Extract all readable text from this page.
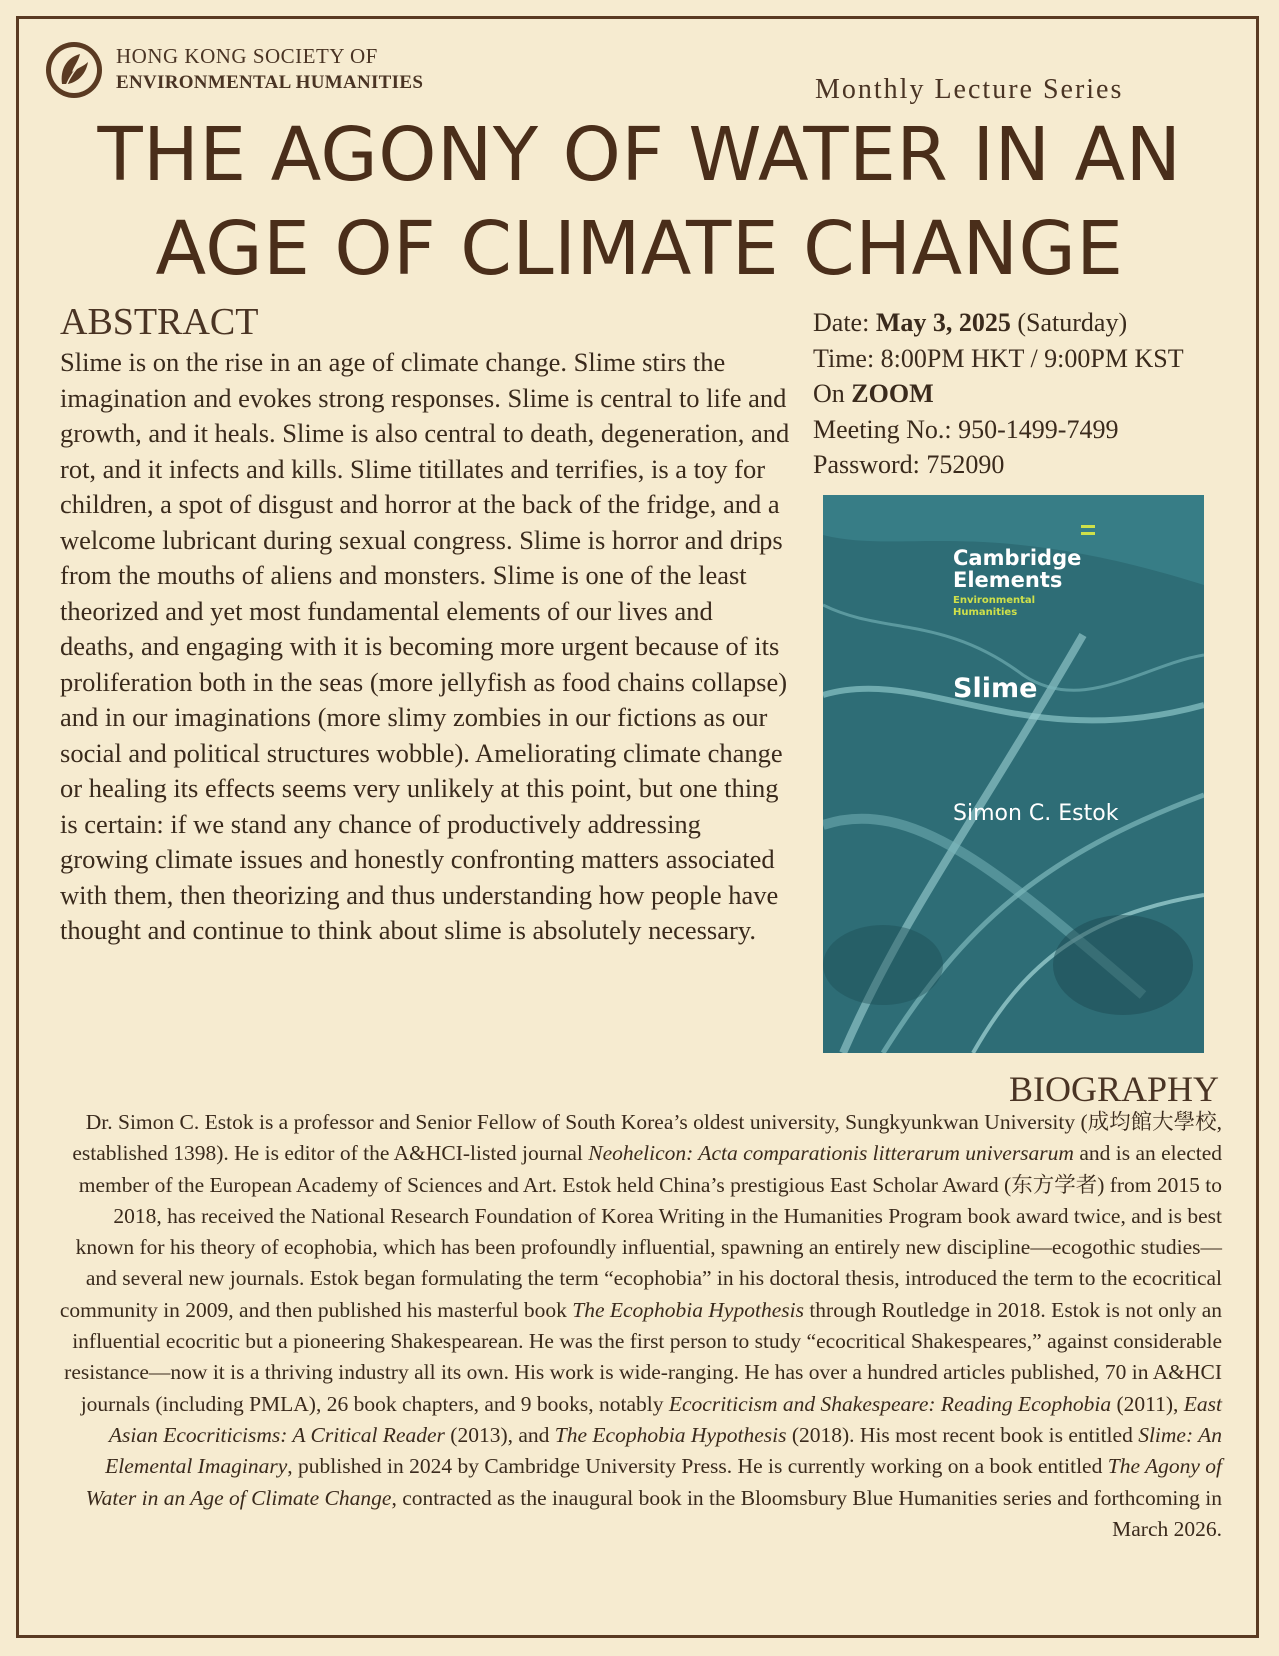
HONG KONG SOCIETY OF
ENVIRONMENTAL HUMANITIES	Monthly Lecture Series
THE AGONY OF WATER IN AN AGE OF CLIMATE CHANGE
ABSTRACT
Slime is on the rise in an age of climate change. Slime stirs the imagination and evokes strong responses. Slime is central to life and growth, and it heals. Slime is also central to death, degeneration, and rot, and it infects and kills. Slime titillates and terrifies, is a toy for children, a spot of disgust and horror at the back of the fridge, and a welcome lubricant during sexual congress. Slime is horror and drips from the mouths of aliens and monsters. Slime is one of the least theorized and yet most fundamental elements of our lives and deaths, and engaging with it is becoming more urgent because of its proliferation both in the seas (more jellyfish as food chains collapse) and in our imaginations (more slimy zombies in our fictions as our social and political structures wobble). Ameliorating climate change or healing its effects seems very unlikely at this point, but one thing is certain: if we stand any chance of productively addressing growing climate issues and honestly confronting matters associated with them, then theorizing and thus understanding how people have thought and continue to think about slime is absolutely necessary.
Date: May 3, 2025 (Saturday)
Time: 8:00PM HKT / 9:00PM KST
On ZOOM
Meeting No.: 950-1499-7499
Password: 752090
Cambridge
Elements
Environmental
Humanities
Slime
Simon C. Estok
BIOGRAPHY
Dr. Simon C. Estok is a professor and Senior Fellow of South Korea’s oldest university, Sungkyunkwan University (成均館大學校, established 1398). He is editor of the A&HCI-listed journal Neohelicon: Acta comparationis litterarum universarum and is an elected member of the European Academy of Sciences and Art. Estok held China’s prestigious East Scholar Award (东方学者) from 2015 to 2018, has received the National Research Foundation of Korea Writing in the Humanities Program book award twice, and is best known for his theory of ecophobia, which has been profoundly influential, spawning an entirely new discipline—ecogothic studies—and several new journals. Estok began formulating the term “ecophobia” in his doctoral thesis, introduced the term to the ecocritical community in 2009, and then published his masterful book The Ecophobia Hypothesis through Routledge in 2018. Estok is not only an influential ecocritic but a pioneering Shakespearean. He was the first person to study “ecocritical Shakespeares,” against considerable resistance—now it is a thriving industry all its own. His work is wide-ranging. He has over a hundred articles published, 70 in A&HCI journals (including PMLA), 26 book chapters, and 9 books, notably Ecocriticism and Shakespeare: Reading Ecophobia (2011), East Asian Ecocriticisms: A Critical Reader (2013), and The Ecophobia Hypothesis (2018). His most recent book is entitled Slime: An Elemental Imaginary, published in 2024 by Cambridge University Press. He is currently working on a book entitled The Agony of Water in an Age of Climate Change, contracted as the inaugural book in the Bloomsbury Blue Humanities series and forthcoming in March 2026.
